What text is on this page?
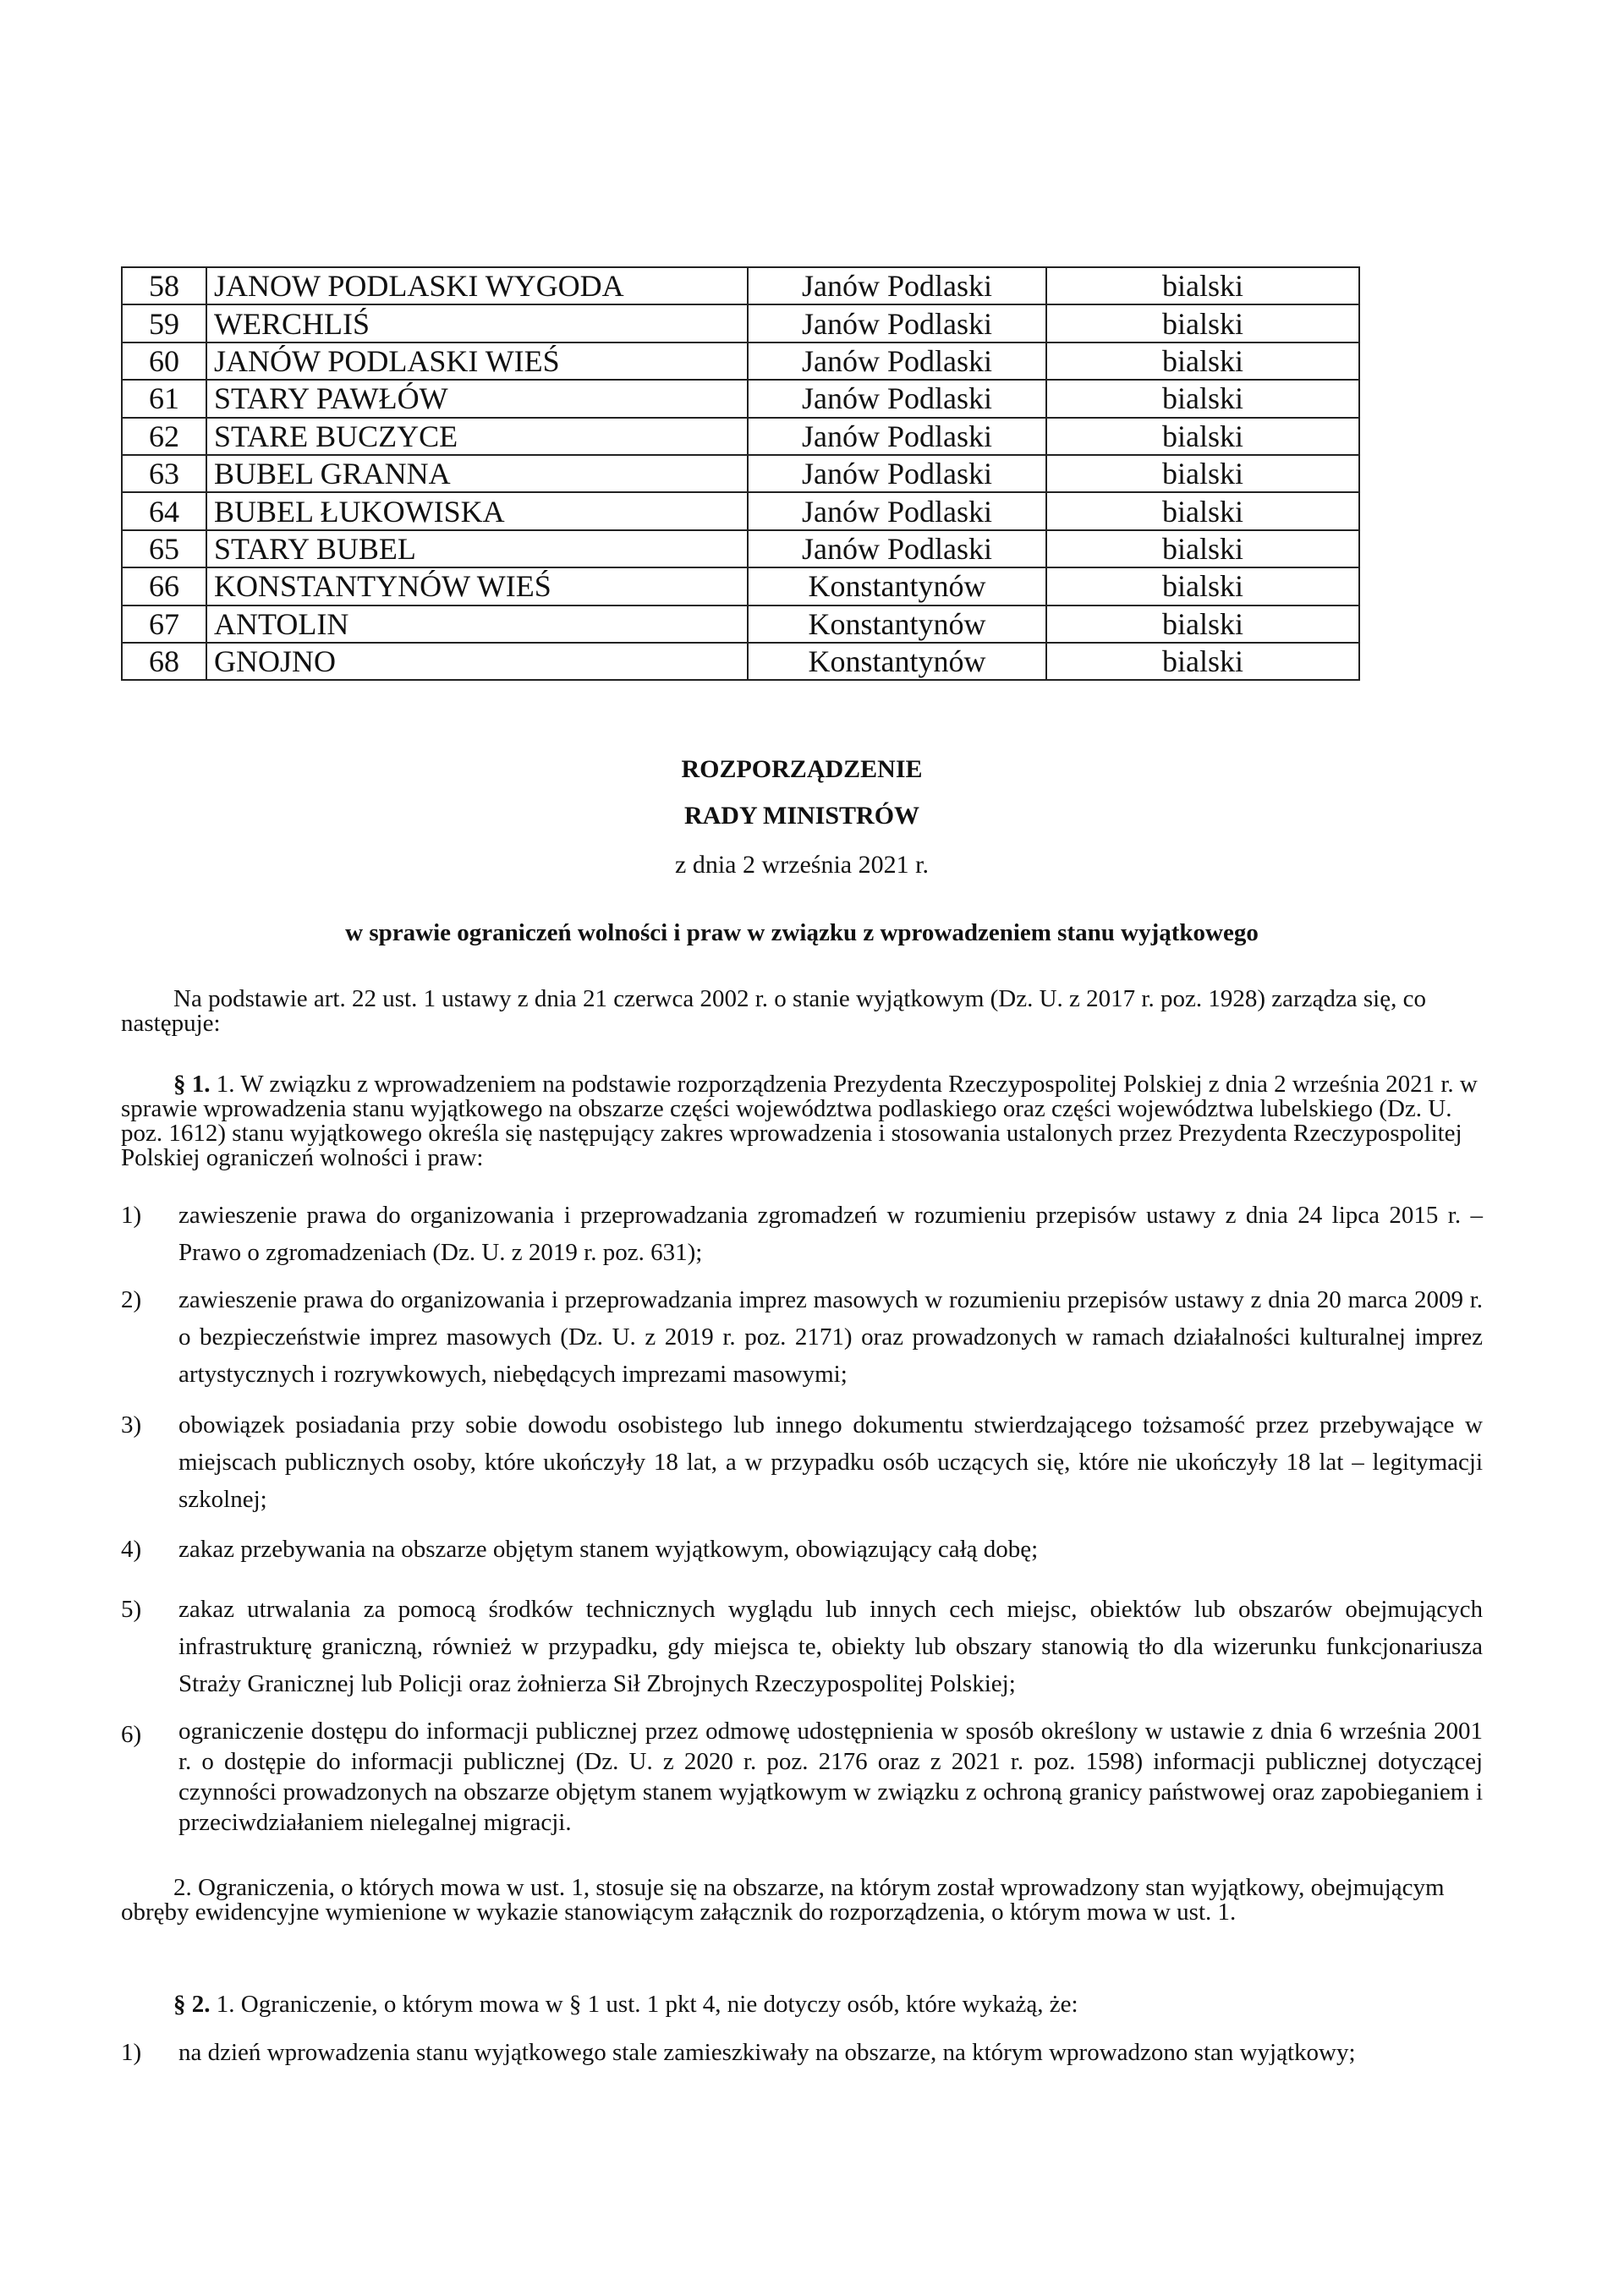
58	JANOW PODLASKI WYGODA	Janów Podlaski	bialski
59	WERCHLIŚ	Janów Podlaski	bialski
60	JANÓW PODLASKI WIEŚ	Janów Podlaski	bialski
61	STARY PAWŁÓW	Janów Podlaski	bialski
62	STARE BUCZYCE	Janów Podlaski	bialski
63	BUBEL GRANNA	Janów Podlaski	bialski
64	BUBEL ŁUKOWISKA	Janów Podlaski	bialski
65	STARY BUBEL	Janów Podlaski	bialski
66	KONSTANTYNÓW WIEŚ	Konstantynów	bialski
67	ANTOLIN	Konstantynów	bialski
68	GNOJNO	Konstantynów	bialski
ROZPORZĄDZENIE
RADY MINISTRÓW
z dnia 2 września 2021 r.
w sprawie ograniczeń wolności i praw w związku z wprowadzeniem stanu wyjątkowego
Na podstawie art. 22 ust. 1 ustawy z dnia 21 czerwca 2002 r. o stanie wyjątkowym (Dz. U. z 2017 r. poz. 1928) zarządza się, co następuje:
§ 1. 1. W związku z wprowadzeniem na podstawie rozporządzenia Prezydenta Rzeczypospolitej Polskiej z dnia 2 września 2021 r. w sprawie wprowadzenia stanu wyjątkowego na obszarze części województwa podlaskiego oraz części województwa lubelskiego (Dz. U. poz. 1612) stanu wyjątkowego określa się następujący zakres wprowadzenia i stosowania ustalonych przez Prezydenta Rzeczypospolitej Polskiej ograniczeń wolności i praw:
1)	zawieszenie prawa do organizowania i przeprowadzania zgromadzeń w rozumieniu przepisów ustawy z dnia 24 lipca 2015 r. – Prawo o zgromadzeniach (Dz. U. z 2019 r. poz. 631);
2)	zawieszenie prawa do organizowania i przeprowadzania imprez masowych w rozumieniu przepisów ustawy z dnia 20 marca 2009 r. o bezpieczeństwie imprez masowych (Dz. U. z 2019 r. poz. 2171) oraz prowadzonych w ramach działalności kulturalnej imprez artystycznych i rozrywkowych, niebędących imprezami masowymi;
3)	obowiązek posiadania przy sobie dowodu osobistego lub innego dokumentu stwierdzającego tożsamość przez przebywające w miejscach publicznych osoby, które ukończyły 18 lat, a w przypadku osób uczących się, które nie ukończyły 18 lat – legitymacji szkolnej;
4)	zakaz przebywania na obszarze objętym stanem wyjątkowym, obowiązujący całą dobę;
5)	zakaz utrwalania za pomocą środków technicznych wyglądu lub innych cech miejsc, obiektów lub obszarów obejmujących infrastrukturę graniczną, również w przypadku, gdy miejsca te, obiekty lub obszary stanowią tło dla wizerunku funkcjonariusza Straży Granicznej lub Policji oraz żołnierza Sił Zbrojnych Rzeczypospolitej Polskiej;
6)	ograniczenie dostępu do informacji publicznej przez odmowę udostępnienia w sposób określony w ustawie z dnia 6 września 2001 r. o dostępie do informacji publicznej (Dz. U. z 2020 r. poz. 2176 oraz z 2021 r. poz. 1598) informacji publicznej dotyczącej czynności prowadzonych na obszarze objętym stanem wyjątkowym w związku z ochroną granicy państwowej oraz zapobieganiem i przeciwdziałaniem nielegalnej migracji.
2. Ograniczenia, o których mowa w ust. 1, stosuje się na obszarze, na którym został wprowadzony stan wyjątkowy, obejmującym obręby ewidencyjne wymienione w wykazie stanowiącym załącznik do rozporządzenia, o którym mowa w ust. 1.
§ 2. 1. Ograniczenie, o którym mowa w § 1 ust. 1 pkt 4, nie dotyczy osób, które wykażą, że:
1)	na dzień wprowadzenia stanu wyjątkowego stale zamieszkiwały na obszarze, na którym wprowadzono stan wyjątkowy;
